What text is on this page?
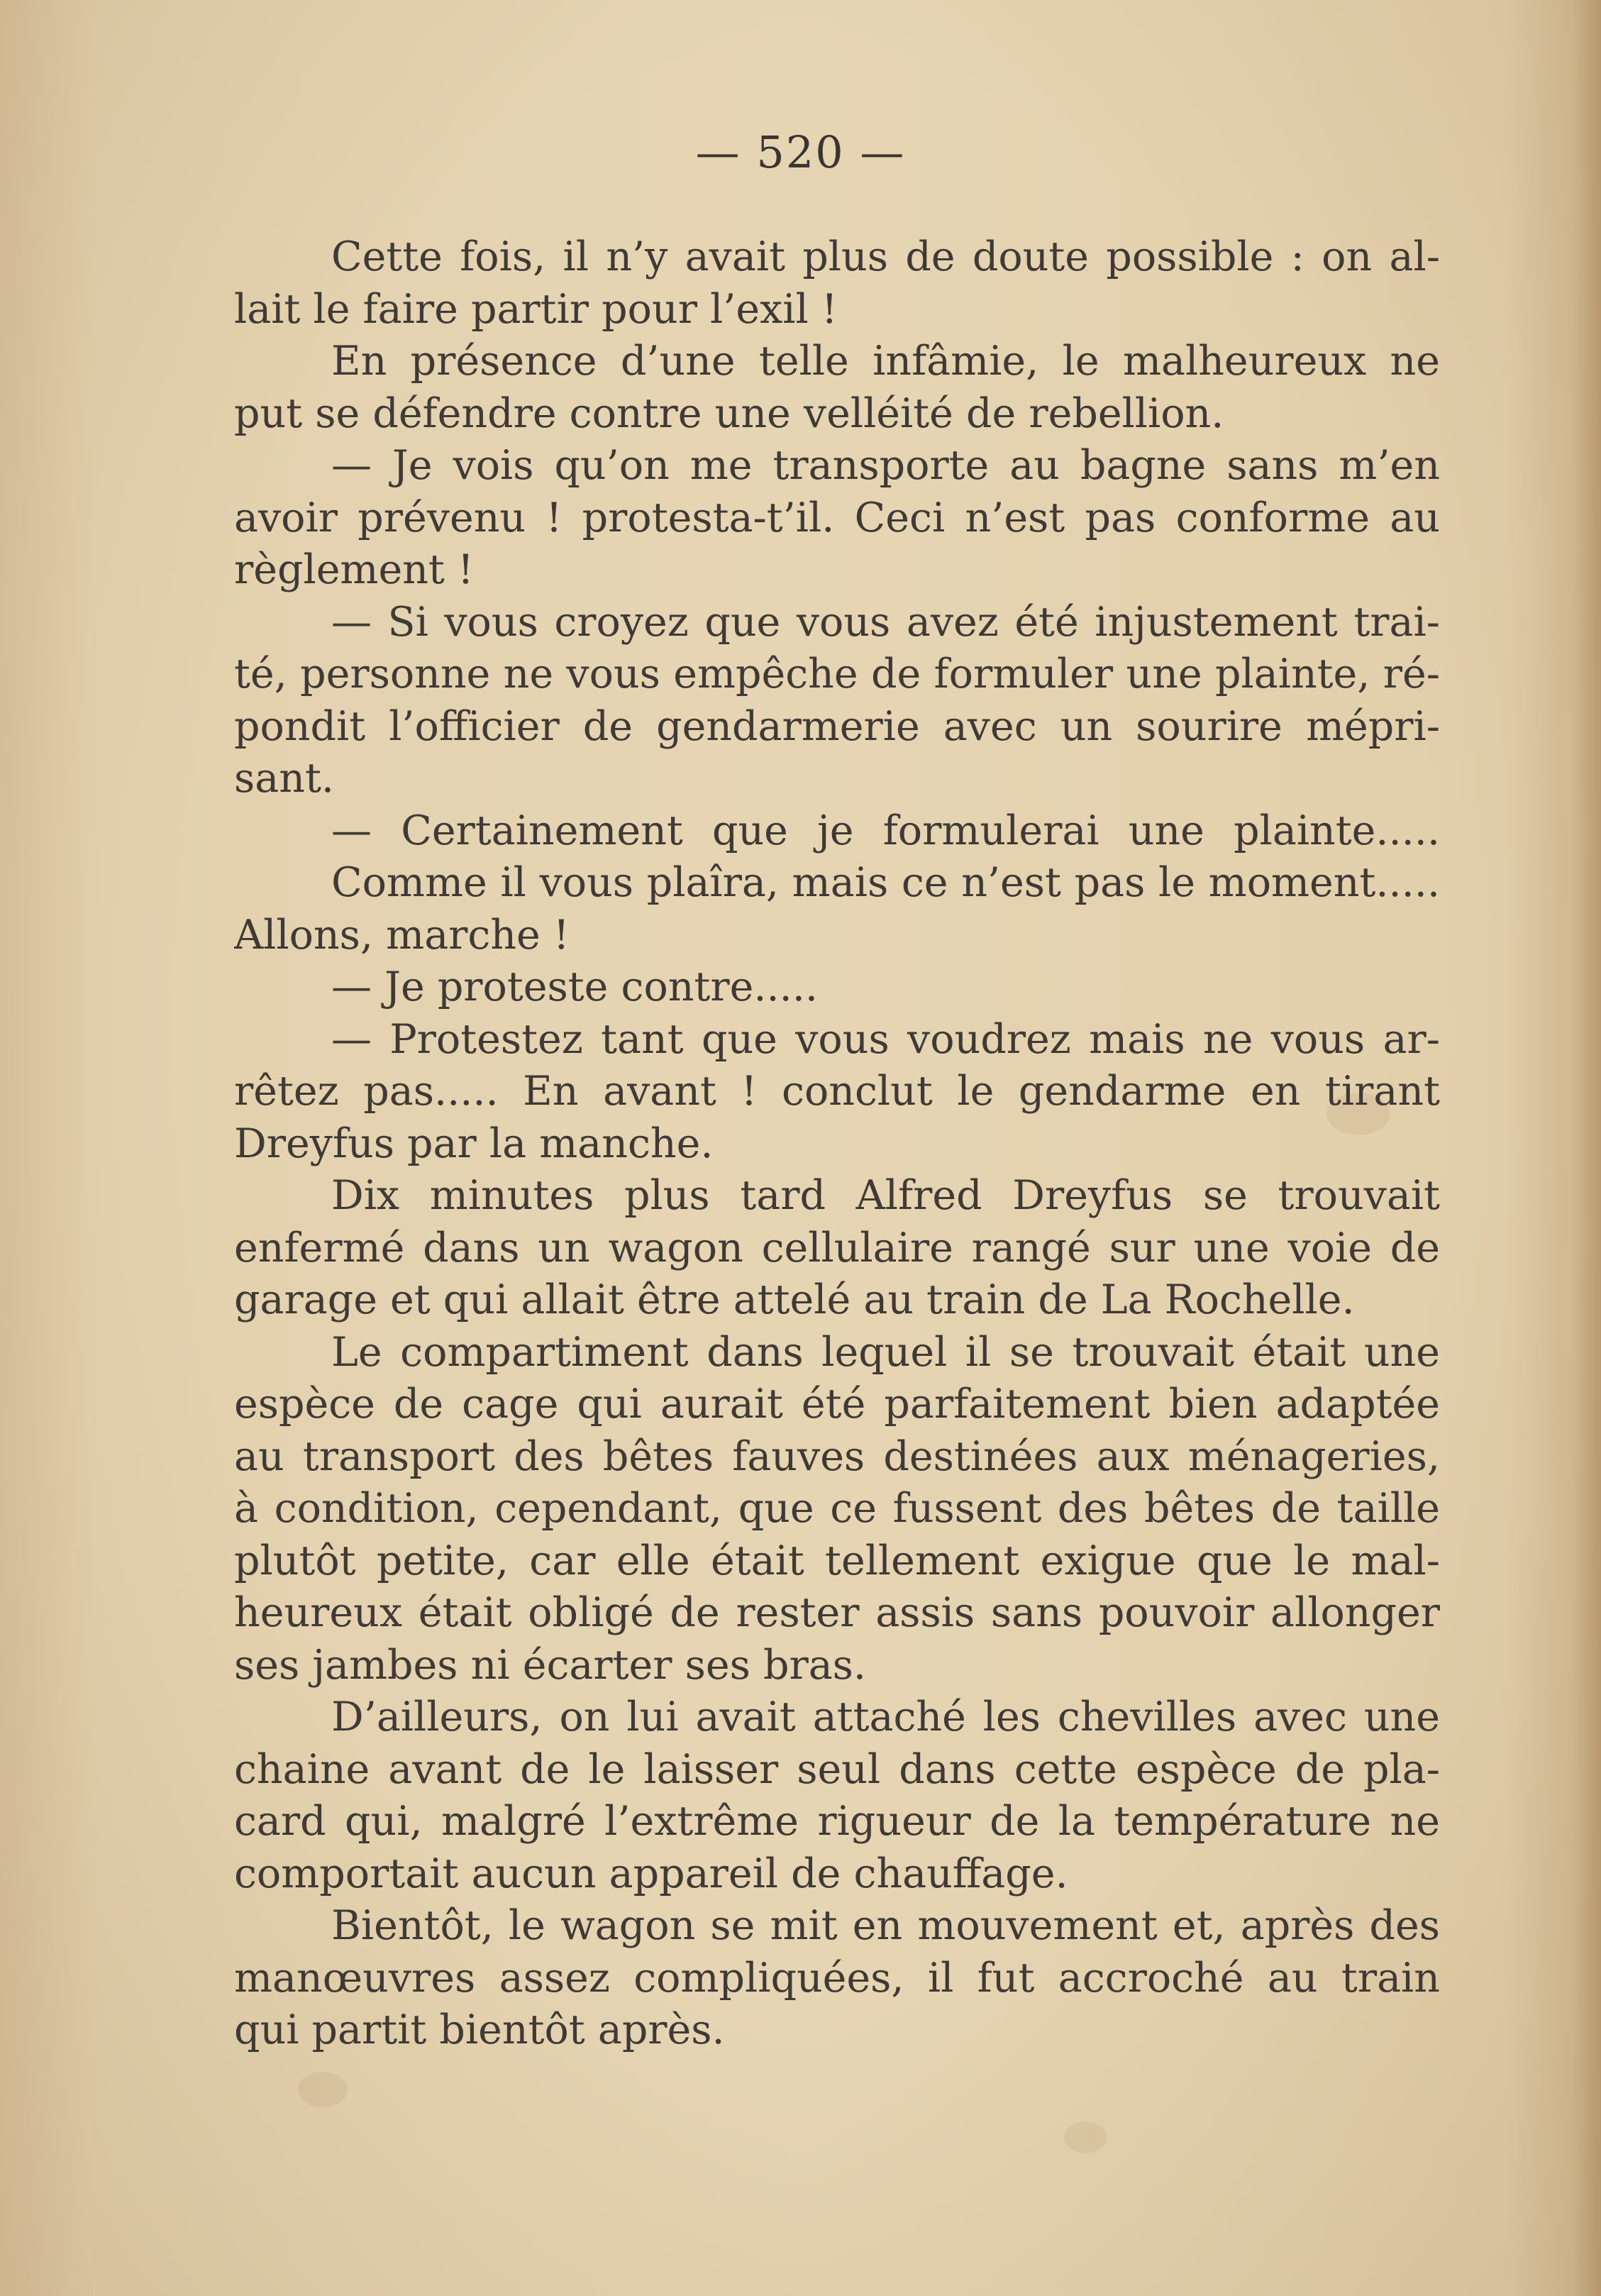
— 520 —
Cette fois, il n’y avait plus de doute possible : on al-
lait le faire partir pour l’exil !
En présence d’une telle infâmie, le malheureux ne
put se défendre contre une velléité de rebellion.
— Je vois qu’on me transporte au bagne sans m’en
avoir prévenu ! protesta-t’il. Ceci n’est pas conforme au
règlement !
— Si vous croyez que vous avez été injustement trai-
té, personne ne vous empêche de formuler une plainte, ré-
pondit l’officier de gendarmerie avec un sourire mépri-
sant.
— Certainement que je formulerai une plainte.....
Comme il vous plaîra, mais ce n’est pas le moment.....
Allons, marche !
— Je proteste contre.....
— Protestez tant que vous voudrez mais ne vous ar-
rêtez pas..... En avant ! conclut le gendarme en tirant
Dreyfus par la manche.
Dix minutes plus tard Alfred Dreyfus se trouvait
enfermé dans un wagon cellulaire rangé sur une voie de
garage et qui allait être attelé au train de La Rochelle.
Le compartiment dans lequel il se trouvait était une
espèce de cage qui aurait été parfaitement bien adaptée
au transport des bêtes fauves destinées aux ménageries,
à condition, cependant, que ce fussent des bêtes de taille
plutôt petite, car elle était tellement exigue que le mal-
heureux était obligé de rester assis sans pouvoir allonger
ses jambes ni écarter ses bras.
D’ailleurs, on lui avait attaché les chevilles avec une
chaine avant de le laisser seul dans cette espèce de pla-
card qui, malgré l’extrême rigueur de la température ne
comportait aucun appareil de chauffage.
Bientôt, le wagon se mit en mouvement et, après des
manœuvres assez compliquées, il fut accroché au train
qui partit bientôt après.
